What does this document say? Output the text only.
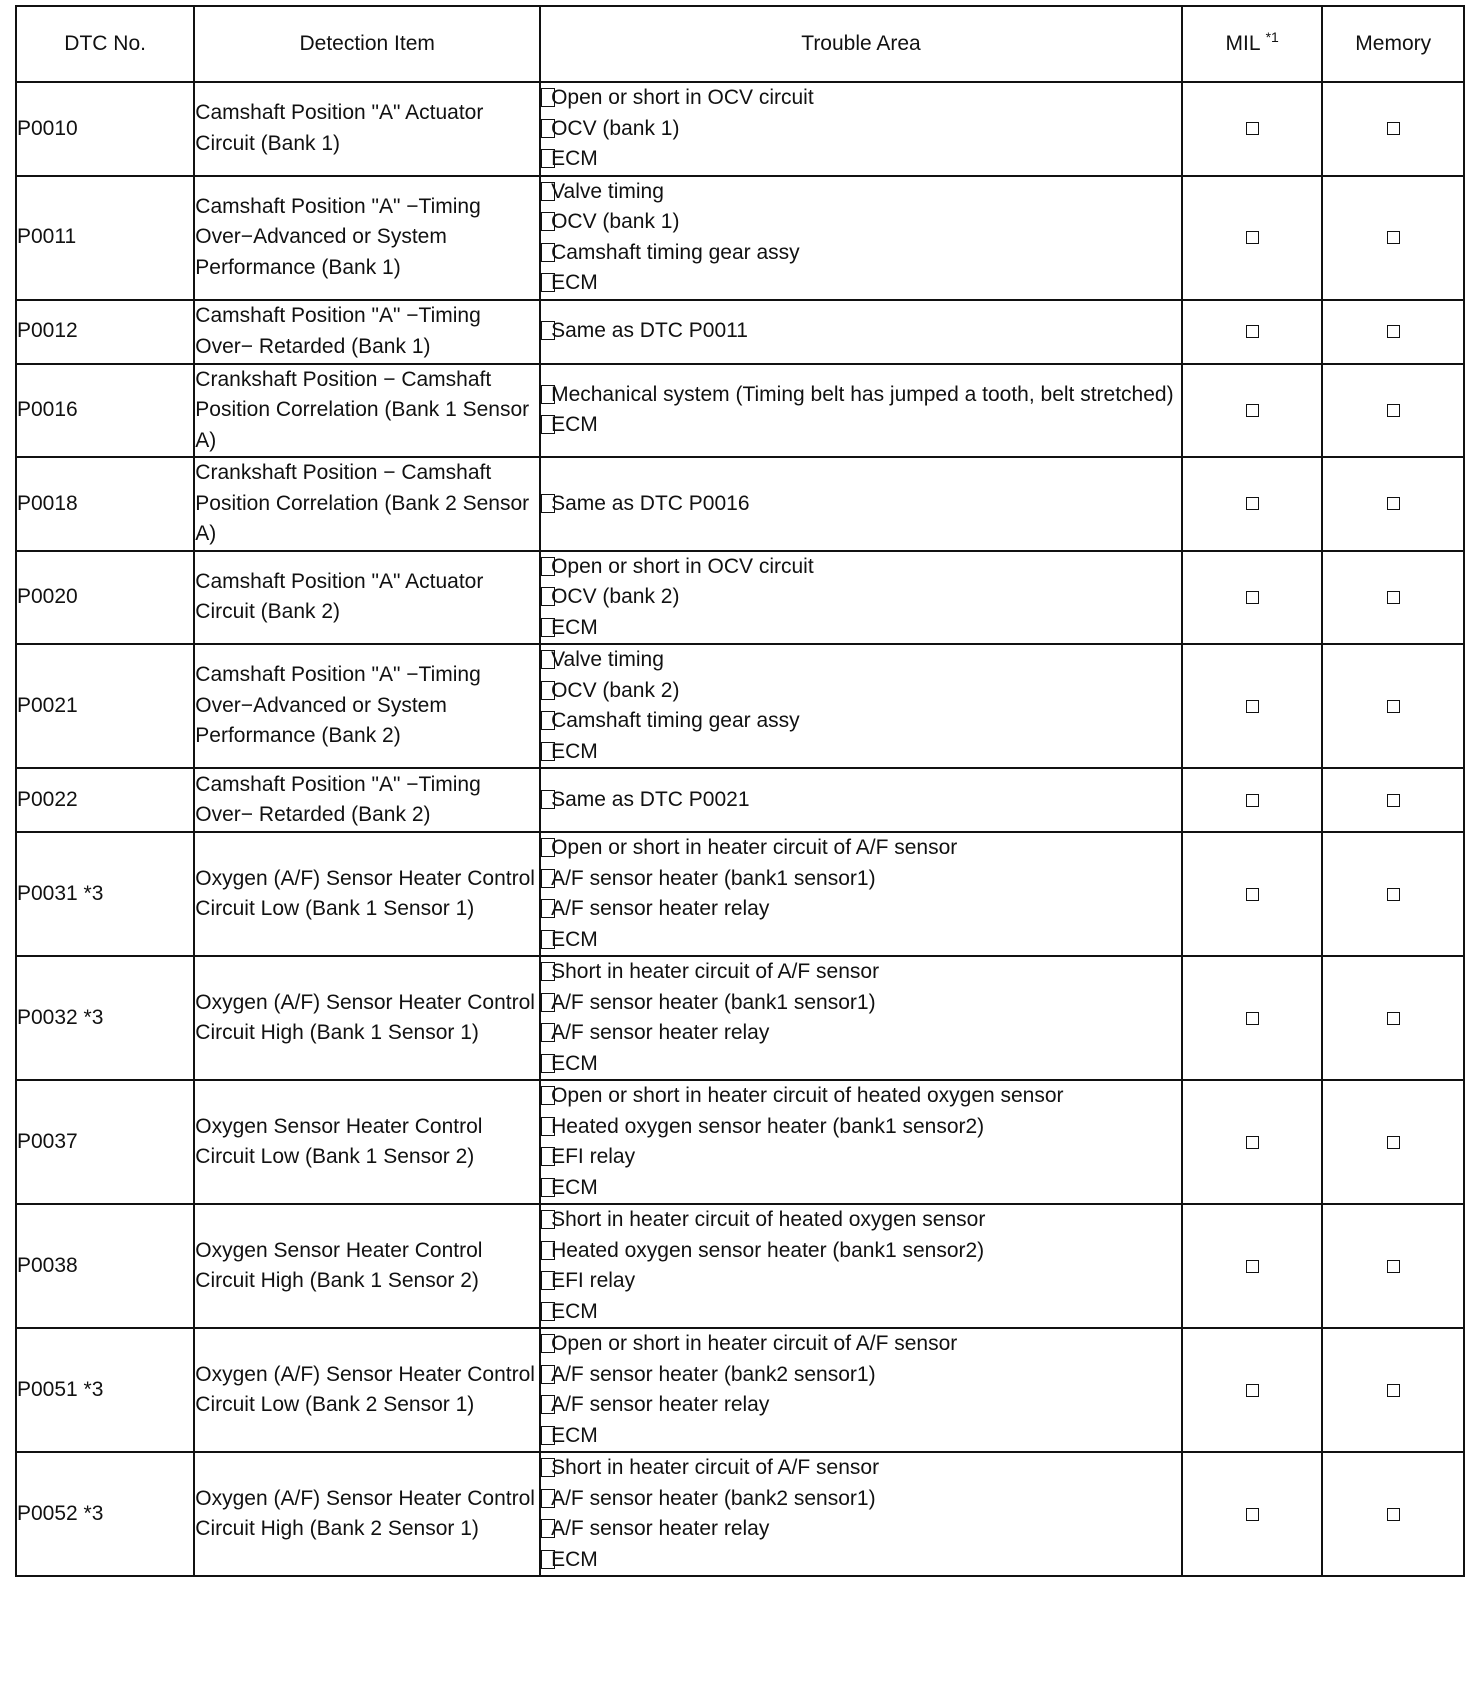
DTC No.	Detection Item	Trouble Area	MIL $^{*1}$	Memory
P0010	Camshaft Position "A" Actuator Circuit (Bank 1)	Open or short in OCV circuit
OCV (bank 1)
ECM		

P0011	Camshaft Position "A" −Timing Over−Advanced or System Performance (Bank 1)	Valve timing
OCV (bank 1)
Camshaft timing gear assy
ECM		

P0012	Camshaft Position "A" −Timing Over− Retarded (Bank 1)	Same as DTC P0011		

P0016	Crankshaft Position − Camshaft Position Correlation (Bank 1 Sensor A)	Mechanical system (Timing belt has jumped a tooth, belt stretched)
ECM		

P0018	Crankshaft Position − Camshaft Position Correlation (Bank 2 Sensor A)	Same as DTC P0016		

P0020	Camshaft Position "A" Actuator Circuit (Bank 2)	Open or short in OCV circuit
OCV (bank 2)
ECM		

P0021	Camshaft Position "A" −Timing Over−Advanced or System Performance (Bank 2)	Valve timing
OCV (bank 2)
Camshaft timing gear assy
ECM		

P0022	Camshaft Position "A" −Timing Over− Retarded (Bank 2)	Same as DTC P0021		

P0031 *3	Oxygen (A/F) Sensor Heater Control Circuit Low (Bank 1 Sensor 1)	Open or short in heater circuit of A/F sensor
A/F sensor heater (bank1 sensor1)
A/F sensor heater relay
ECM		

P0032 *3	Oxygen (A/F) Sensor Heater Control Circuit High (Bank 1 Sensor 1)	Short in heater circuit of A/F sensor
A/F sensor heater (bank1 sensor1)
A/F sensor heater relay
ECM		

P0037	Oxygen Sensor Heater Control Circuit Low (Bank 1 Sensor 2)	Open or short in heater circuit of heated oxygen sensor
Heated oxygen sensor heater (bank1 sensor2)
EFI relay
ECM		

P0038	Oxygen Sensor Heater Control Circuit High (Bank 1 Sensor 2)	Short in heater circuit of heated oxygen sensor
Heated oxygen sensor heater (bank1 sensor2)
EFI relay
ECM		

P0051 *3	Oxygen (A/F) Sensor Heater Control Circuit Low (Bank 2 Sensor 1)	Open or short in heater circuit of A/F sensor
A/F sensor heater (bank2 sensor1)
A/F sensor heater relay
ECM		

P0052 *3	Oxygen (A/F) Sensor Heater Control Circuit High (Bank 2 Sensor 1)	Short in heater circuit of A/F sensor
A/F sensor heater (bank2 sensor1)
A/F sensor heater relay
ECM		
